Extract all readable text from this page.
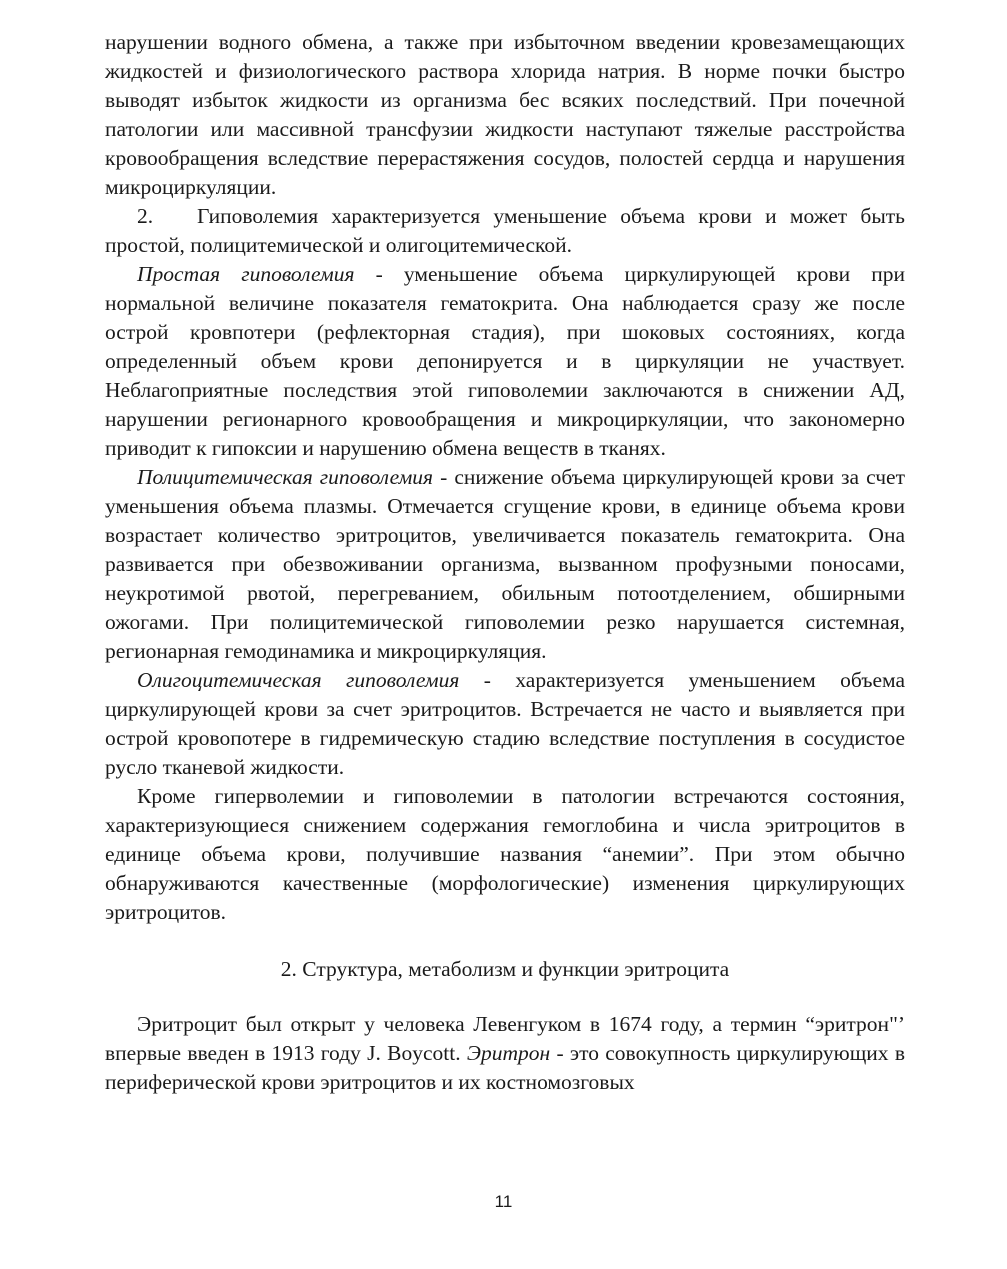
нарушении водного обмена, а также при избыточном введении кровезамещающих жидкостей и физиологического раствора хлорида натрия. В норме почки быстро выводят избыток жидкости из организма бес всяких последствий. При почечной патологии или массивной трансфузии жидкости наступают тяжелые расстройства кровообращения вследствие перерастяжения сосудов, полостей сердца и нарушения микроциркуляции.

2. Гиповолемия характеризуется уменьшение объема крови и может быть простой, полицитемической и олигоцитемической.

Простая гиповолемия - уменьшение объема циркулирующей крови при нормальной величине показателя гематокрита. Она наблюдается сразу же после острой кровпотери (рефлекторная стадия), при шоковых состояниях, когда определенный объем крови депонируется и в циркуляции не участвует. Неблагоприятные последствия этой гиповолемии заключаются в снижении АД, нарушении регионарного кровообращения и микроциркуляции, что закономерно приводит к гипоксии и нарушению обмена веществ в тканях.

Полицитемическая гиповолемия - снижение объема циркулирующей крови за счет уменьшения объема плазмы. Отмечается сгущение крови, в единице объема крови возрастает количество эритроцитов, увеличивается показатель гематокрита. Она развивается при обезвоживании организма, вызванном профузными поносами, неукротимой рвотой, перегреванием, обильным потоотделением, обширными ожогами. При полицитемической гиповолемии резко нарушается системная, регионарная гемодинамика и микроциркуляция.

Олигоцитемическая гиповолемия - характеризуется уменьшением объема циркулирующей крови за счет эритроцитов. Встречается не часто и выявляется при острой кровопотере в гидремическую стадию вследствие поступления в сосудистое русло тканевой жидкости.

Кроме гиперволемии и гиповолемии в патологии встречаются состояния, характеризующиеся снижением содержания гемоглобина и числа эритроцитов в единице объема крови, получившие названия “анемии”. При этом обычно обнаруживаются качественные (морфологические) изменения циркулирующих эритроцитов.

2. Структура, метаболизм и функции эритроцита

Эритроцит был открыт у человека Левенгуком в 1674 году, а термин “эритрон"’ впервые введен в 1913 году J. Boycott. Эритрон - это совокупность циркулирующих в периферической крови эритроцитов и их костномозговых

11
